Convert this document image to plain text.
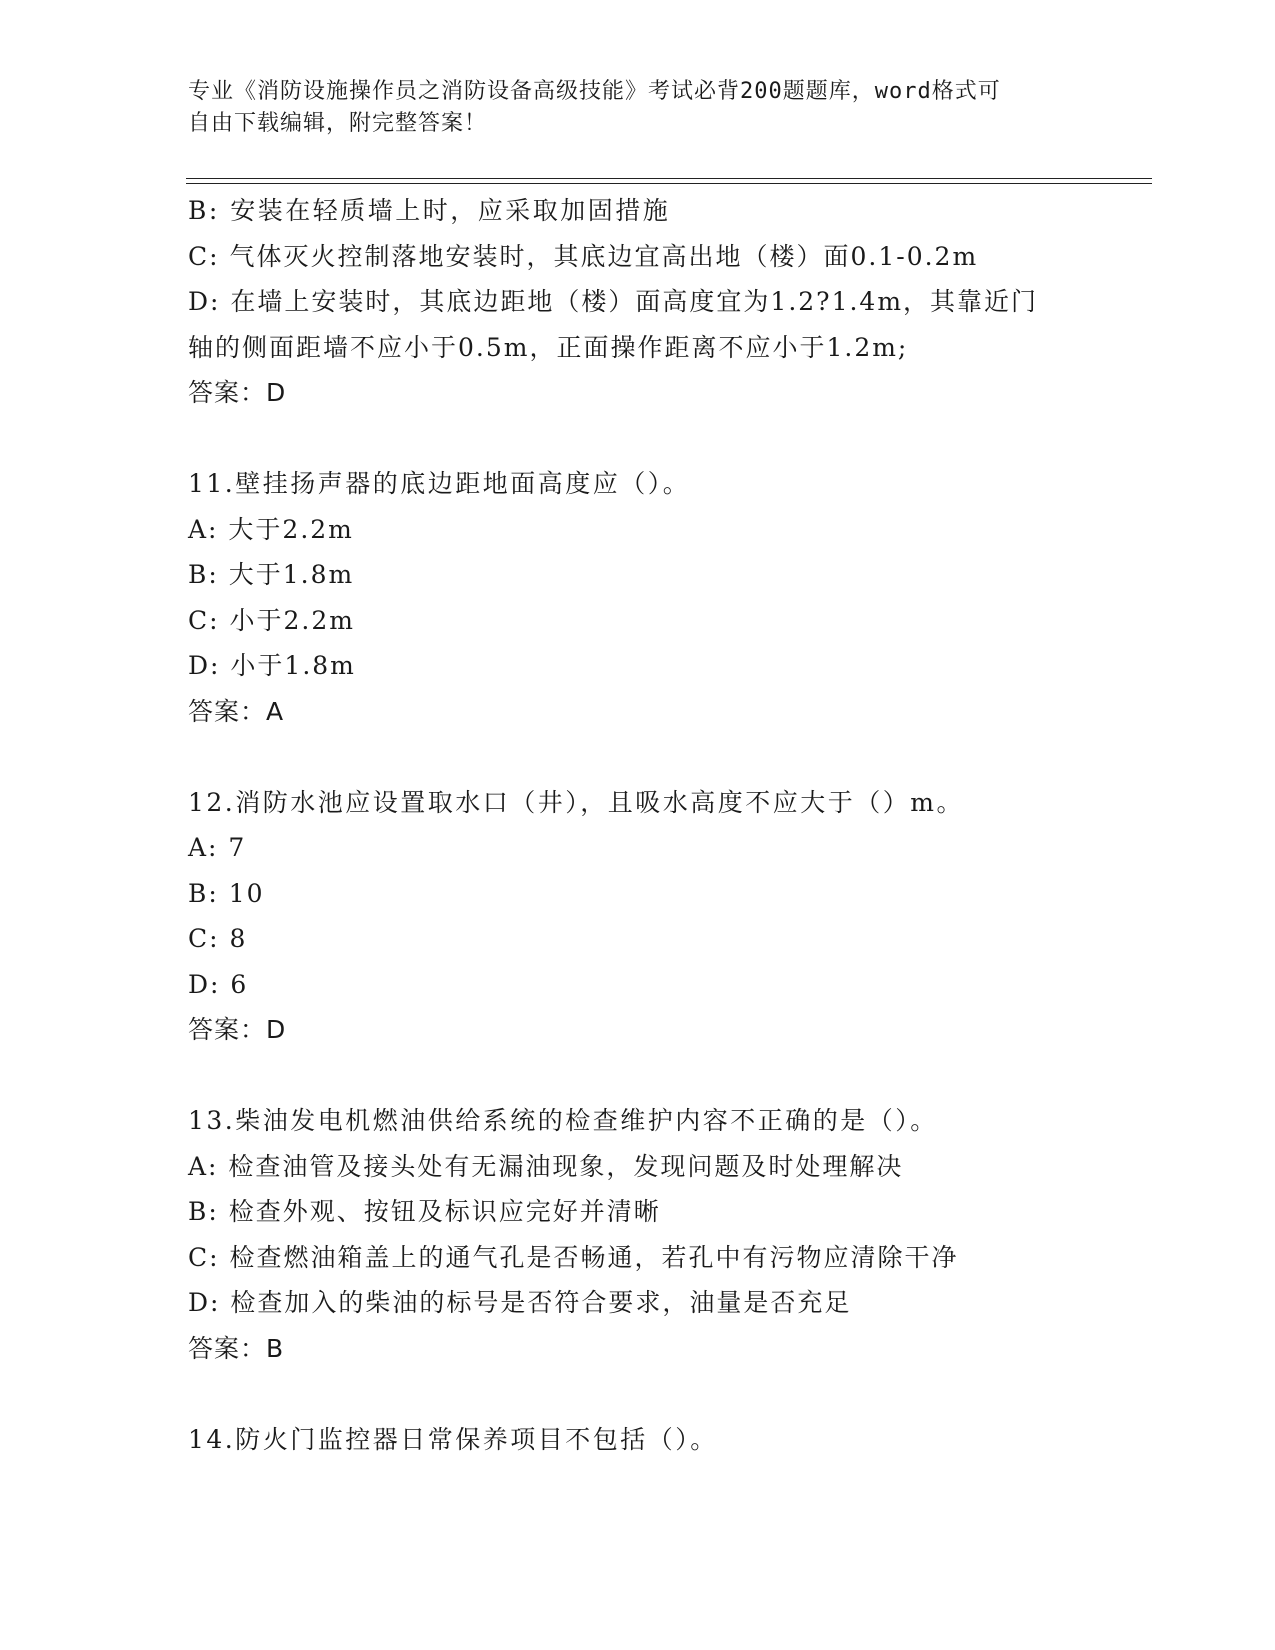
专业《消防设施操作员之消防设备高级技能》考试必背200题题库，word格式可
自由下载编辑，附完整答案！
B: 安装在轻质墙上时，应采取加固措施
C: 气体灭火控制落地安装时，其底边宜高出地（楼）面0.1-0.2m
D: 在墙上安装时，其底边距地（楼）面高度宜为1.2?1.4m，其靠近门
轴的侧面距墙不应小于0.5m，正面操作距离不应小于1.2m;
答案：D
11.壁挂扬声器的底边距地面高度应（）。
A: 大于2.2m
B: 大于1.8m
C: 小于2.2m
D: 小于1.8m
答案：A
12.消防水池应设置取水口（井），且吸水高度不应大于（）m。
A: 7
B: 10
C: 8
D: 6
答案：D
13.柴油发电机燃油供给系统的检查维护内容不正确的是（）。
A: 检查油管及接头处有无漏油现象，发现问题及时处理解决
B: 检查外观、按钮及标识应完好并清晰
C: 检查燃油箱盖上的通气孔是否畅通，若孔中有污物应清除干净
D: 检查加入的柴油的标号是否符合要求，油量是否充足
答案：B
14.防火门监控器日常保养项目不包括（）。
